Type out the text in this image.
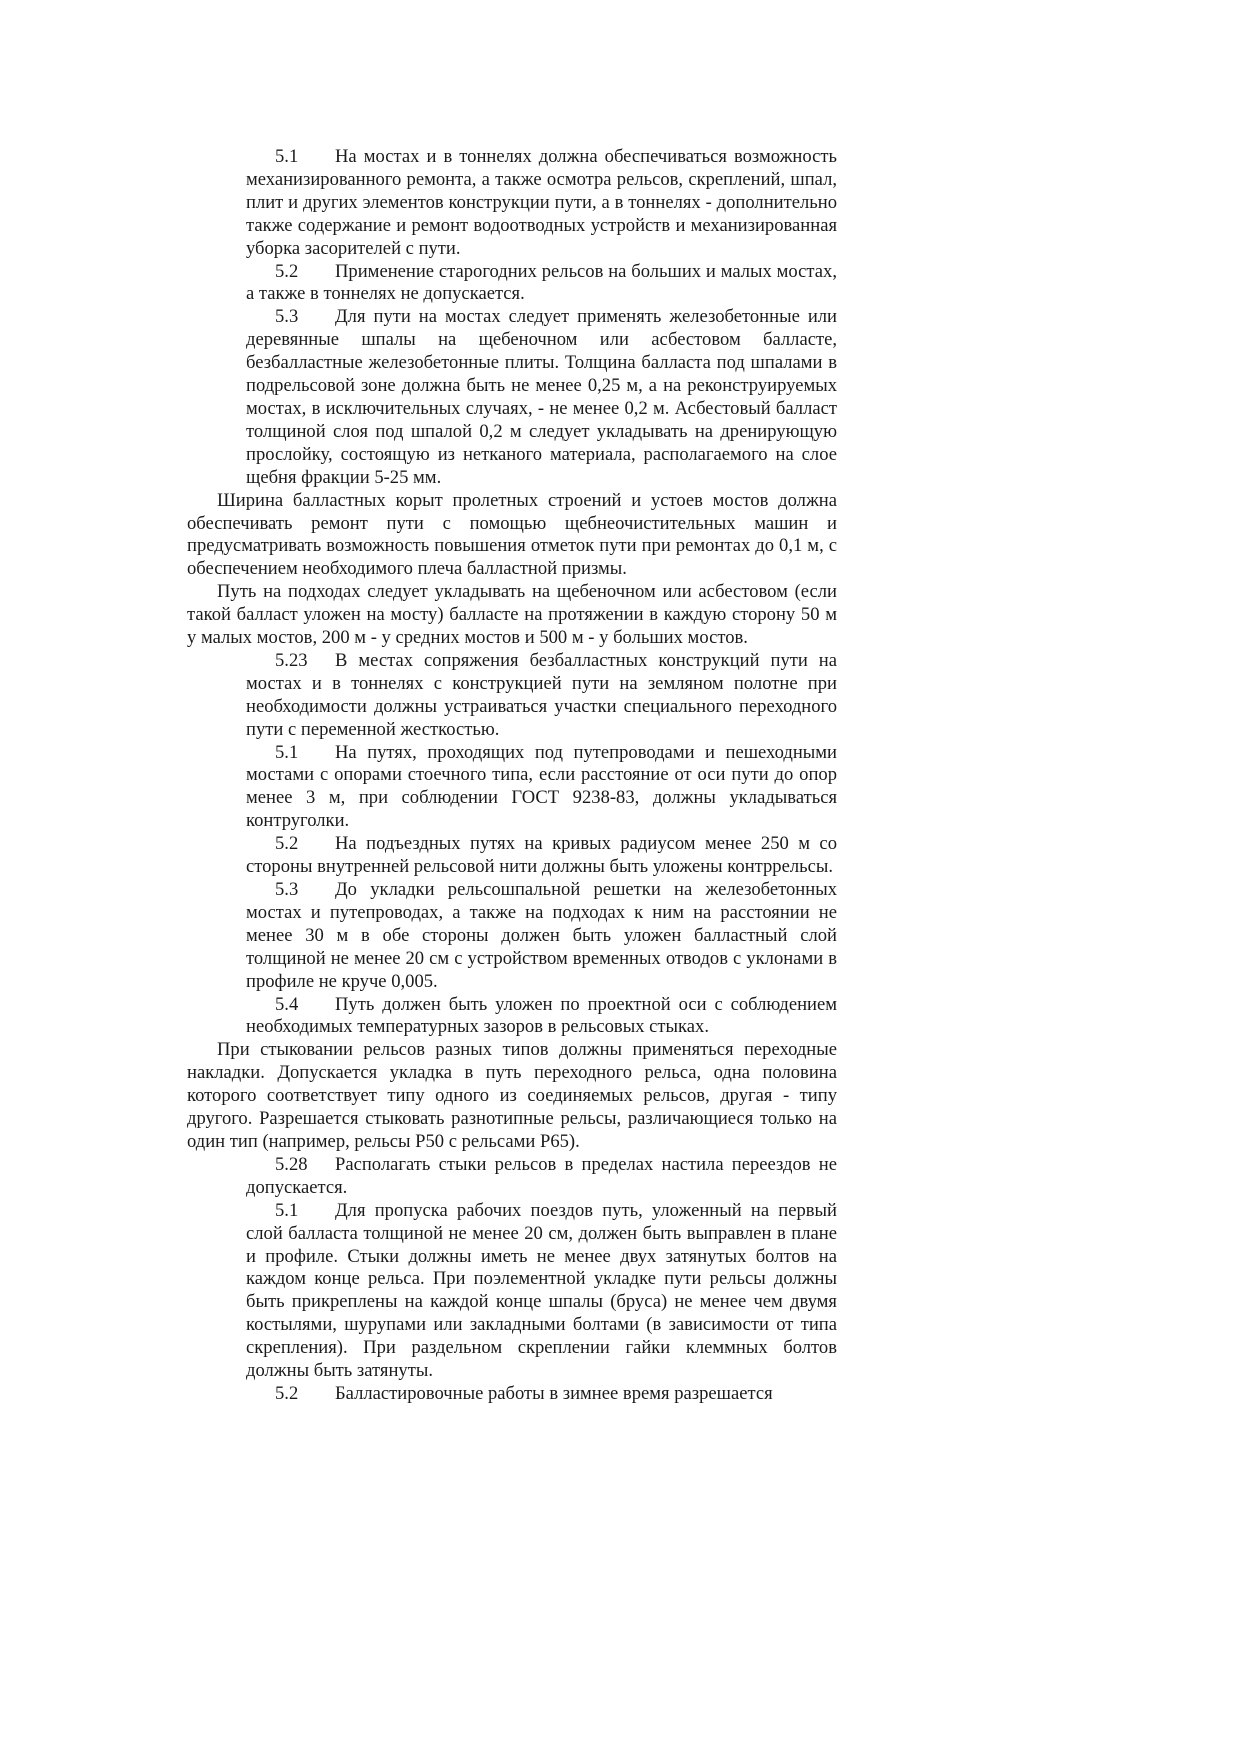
5.1 На мостах и в тоннелях должна обеспечиваться возможность механизированного ремонта, а также осмотра рельсов, скреплений, шпал, плит и других элементов конструкции пути, а в тоннелях - дополнительно также содержание и ремонт водоотводных устройств и механизированная уборка засорителей с пути.

5.2 Применение старогодних рельсов на больших и малых мостах, а также в тоннелях не допускается.

5.3 Для пути на мостах следует применять железобетонные или деревянные шпалы на щебеночном или асбестовом балласте, безбалластные железобетонные плиты. Толщина балласта под шпалами в подрельсовой зоне должна быть не менее 0,25 м, а на реконструируемых мостах, в исключительных случаях, - не менее 0,2 м. Асбестовый балласт толщиной слоя под шпалой 0,2 м следует укладывать на дренирующую прослойку, состоящую из нетканого материала, располагаемого на слое щебня фракции 5-25 мм.

Ширина балластных корыт пролетных строений и устоев мостов должна обеспечивать ремонт пути с помощью щебнеочистительных машин и предусматривать возможность повышения отметок пути при ремонтах до 0,1 м, с обеспечением необходимого плеча балластной призмы.

Путь на подходах следует укладывать на щебеночном или асбестовом (если такой балласт уложен на мосту) балласте на протяжении в каждую сторону 50 м у малых мостов, 200 м - у средних мостов и 500 м - у больших мостов.

5.23 В местах сопряжения безбалластных конструкций пути на мостах и в тоннелях с конструкцией пути на земляном полотне при необходимости должны устраиваться участки специального переходного пути с переменной жесткостью.

5.1 На путях, проходящих под путепроводами и пешеходными мостами с опорами стоечного типа, если расстояние от оси пути до опор менее 3 м, при соблюдении ГОСТ 9238-83, должны укладываться контруголки.

5.2 На подъездных путях на кривых радиусом менее 250 м со стороны внутренней рельсовой нити должны быть уложены контррельсы.

5.3 До укладки рельсошпальной решетки на железобетонных мостах и путепроводах, а также на подходах к ним на расстоянии не менее 30 м в обе стороны должен быть уложен балластный слой толщиной не менее 20 см с устройством временных отводов с уклонами в профиле не круче 0,005.

5.4 Путь должен быть уложен по проектной оси с соблюдением необходимых температурных зазоров в рельсовых стыках.

При стыковании рельсов разных типов должны применяться переходные накладки. Допускается укладка в путь переходного рельса, одна половина которого соответствует типу одного из соединяемых рельсов, другая - типу другого. Разрешается стыковать разнотипные рельсы, различающиеся только на один тип (например, рельсы Р50 с рельсами Р65).

5.28 Располагать стыки рельсов в пределах настила переездов не допускается.

5.1 Для пропуска рабочих поездов путь, уложенный на первый слой балласта толщиной не менее 20 см, должен быть выправлен в плане и профиле. Стыки должны иметь не менее двух затянутых болтов на каждом конце рельса. При поэлементной укладке пути рельсы должны быть прикреплены на каждой конце шпалы (бруса) не менее чем двумя костылями, шурупами или закладными болтами (в зависимости от типа скрепления). При раздельном скреплении гайки клеммных болтов должны быть затянуты.

5.2 Балластировочные работы в зимнее время разрешается
